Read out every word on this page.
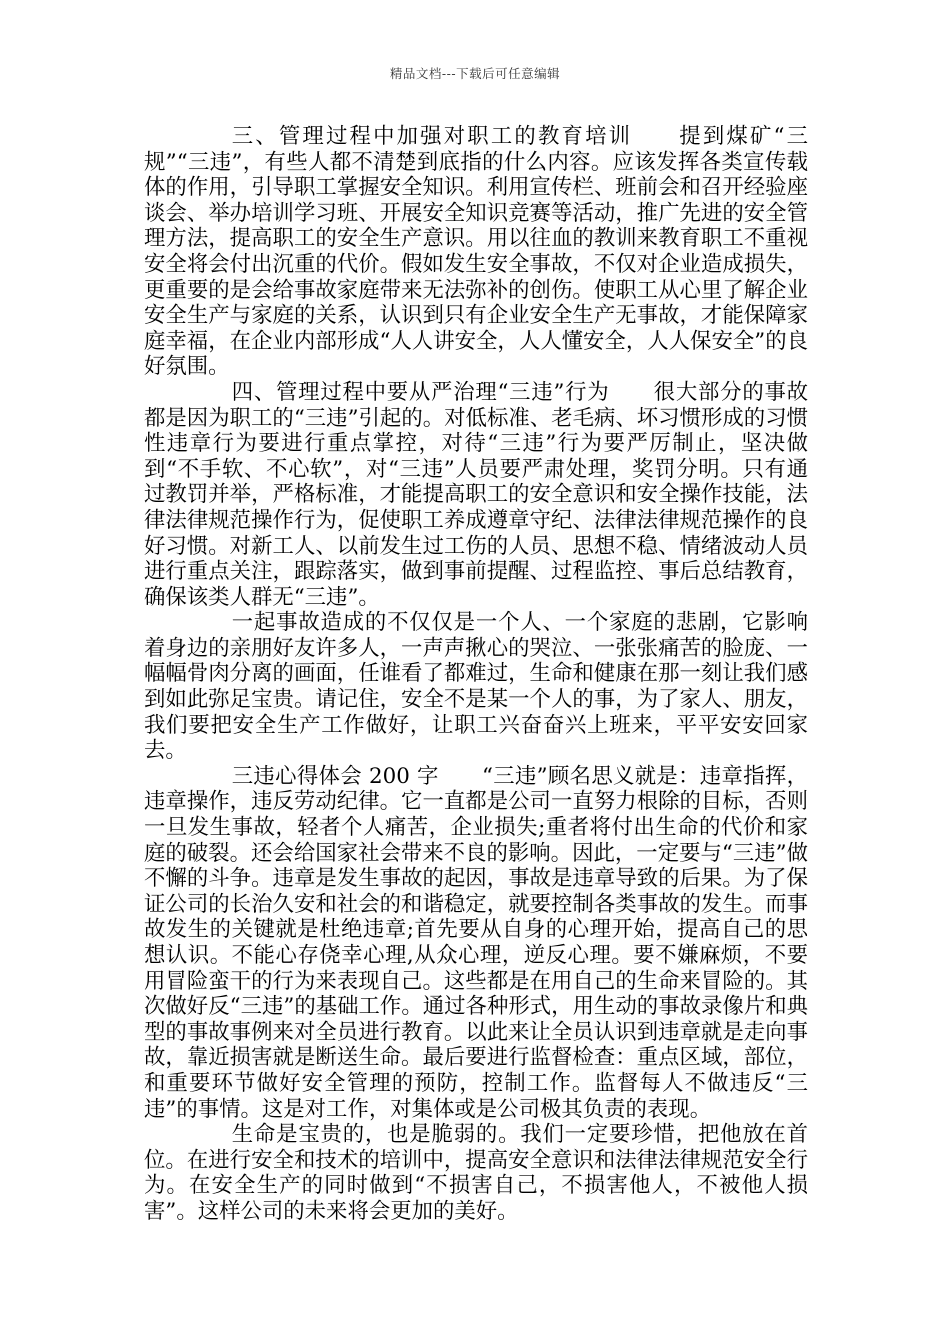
精品文档---下载后可任意编辑

三、管理过程中加强对职工的教育培训　　提到煤矿“三规”“三违”，有些人都不清楚到底指的什么内容。应该发挥各类宣传载体的作用，引导职工掌握安全知识。利用宣传栏、班前会和召开经验座谈会、举办培训学习班、开展安全知识竞赛等活动，推广先进的安全管理方法，提高职工的安全生产意识。用以往血的教训来教育职工不重视安全将会付出沉重的代价。假如发生安全事故，不仅对企业造成损失，更重要的是会给事故家庭带来无法弥补的创伤。使职工从心里了解企业安全生产与家庭的关系，认识到只有企业安全生产无事故，才能保障家庭幸福，在企业内部形成“人人讲安全，人人懂安全，人人保安全”的良好氛围。

四、管理过程中要从严治理“三违”行为　　很大部分的事故都是因为职工的“三违”引起的。对低标准、老毛病、坏习惯形成的习惯性违章行为要进行重点掌控，对待“三违”行为要严厉制止，坚决做到“不手软、不心软”，对“三违”人员要严肃处理，奖罚分明。只有通过教罚并举，严格标准，才能提高职工的安全意识和安全操作技能，法律法律规范操作行为，促使职工养成遵章守纪、法律法律规范操作的良好习惯。对新工人、以前发生过工伤的人员、思想不稳、情绪波动人员进行重点关注，跟踪落实，做到事前提醒、过程监控、事后总结教育，确保该类人群无“三违”。

一起事故造成的不仅仅是一个人、一个家庭的悲剧，它影响着身边的亲朋好友许多人，一声声揪心的哭泣、一张张痛苦的脸庞、一幅幅骨肉分离的画面，任谁看了都难过，生命和健康在那一刻让我们感到如此弥足宝贵。请记住，安全不是某一个人的事，为了家人、朋友，我们要把安全生产工作做好，让职工兴奋奋兴上班来，平平安安回家去。

三违心得体会 200 字　　“三违”顾名思义就是：违章指挥，违章操作，违反劳动纪律。它一直都是公司一直努力根除的目标，否则一旦发生事故，轻者个人痛苦，企业损失;重者将付出生命的代价和家庭的破裂。还会给国家社会带来不良的影响。因此，一定要与“三违”做不懈的斗争。违章是发生事故的起因，事故是违章导致的后果。为了保证公司的长治久安和社会的和谐稳定，就要控制各类事故的发生。而事故发生的关键就是杜绝违章;首先要从自身的心理开始，提高自己的思想认识。不能心存侥幸心理,从众心理，逆反心理。要不嫌麻烦，不要用冒险蛮干的行为来表现自己。这些都是在用自己的生命来冒险的。其次做好反“三违”的基础工作。通过各种形式，用生动的事故录像片和典型的事故事例来对全员进行教育。以此来让全员认识到违章就是走向事故，靠近损害就是断送生命。最后要进行监督检查：重点区域，部位，和重要环节做好安全管理的预防，控制工作。监督每人不做违反“三违”的事情。这是对工作，对集体或是公司极其负责的表现。

生命是宝贵的，也是脆弱的。我们一定要珍惜，把他放在首位。在进行安全和技术的培训中，提高安全意识和法律法律规范安全行为。在安全生产的同时做到“不损害自己，不损害他人，不被他人损害”。这样公司的未来将会更加的美好。
